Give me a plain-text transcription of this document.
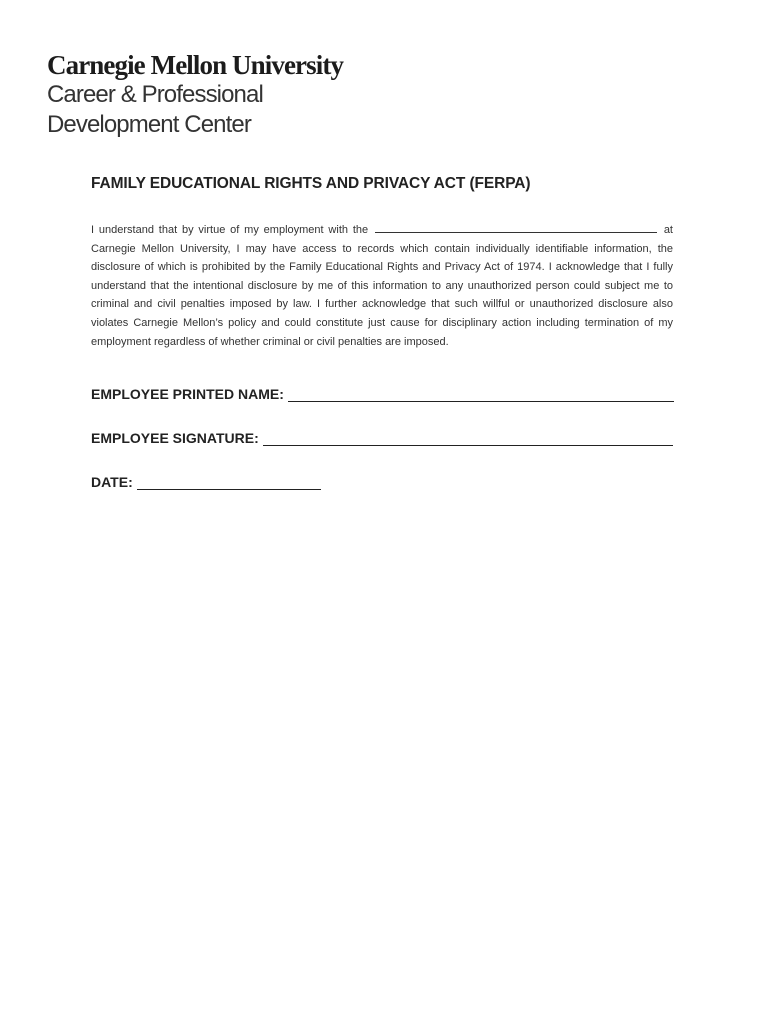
Carnegie Mellon University
Career & Professional
Development Center
FAMILY EDUCATIONAL RIGHTS AND PRIVACY ACT (FERPA)

I understand that by virtue of my employment with the	at Carnegie Mellon University, I may have access to records which contain individually identifiable information, the disclosure of which is prohibited by the Family Educational Rights and Privacy Act of 1974. I acknowledge that I fully understand that the intentional disclosure by me of this information to any unauthorized person could subject me to criminal and civil penalties imposed by law. I further acknowledge that such willful or unauthorized disclosure also violates Carnegie Mellon’s policy and could constitute just cause for disciplinary action including termination of my employment regardless of whether criminal or civil penalties are imposed.

EMPLOYEE PRINTED NAME:
EMPLOYEE SIGNATURE:
DATE:
